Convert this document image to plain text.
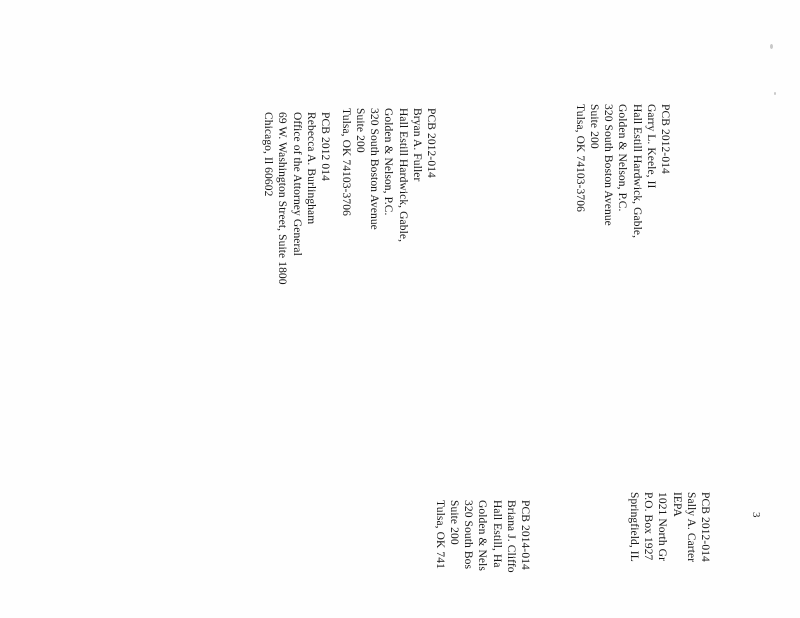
PCB 2012-014
Garry L. Keele, II
Hall Estill Hardwick, Gable,
Golden & Nelson, P.C.
320 South Boston Avenue
Suite 200
Tulsa, OK 74103-3706
PCB 2012-014
Sally A. Carter
IEPA
1021 North Gr
P.O. Box 1927
Springfield, IL
PCB 2012-014
Bryan A. Fuller
Hall Estill Hardwick, Gable,
Golden & Nelson, P.C.
320 South Boston Avenue
Suite 200
Tulsa, OK 74103-3706
PCB 2014-014
Briana J. Cliffo
Hall Estill, Ha
Golden & Nels
320 South Bos
Suite 200
Tulsa, OK 741
PCB 2012 014
Rebecca A. Burlingham
Office of the Attorney General
69 W. Washington Street, Suite 1800
Chicago, Il 60602
3
